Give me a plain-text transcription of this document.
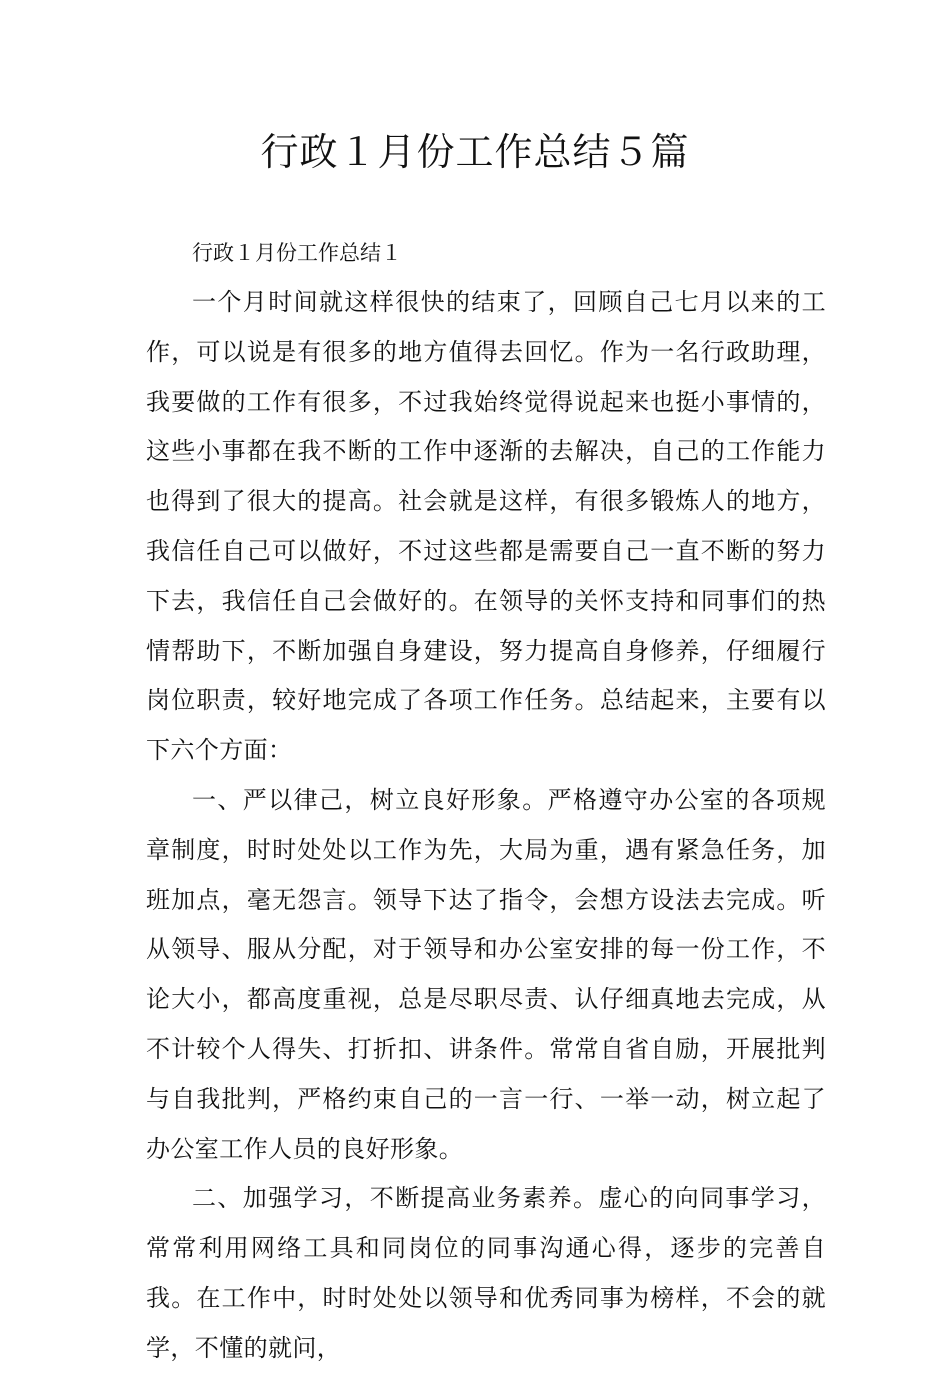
行政１月份工作总结５篇

行政１月份工作总结１

一个月时间就这样很快的结束了，回顾自己七月以来的工作，可以说是有很多的地方值得去回忆。作为一名行政助理，我要做的工作有很多，不过我始终觉得说起来也挺小事情的，这些小事都在我不断的工作中逐渐的去解决，自己的工作能力也得到了很大的提高。社会就是这样，有很多锻炼人的地方，我信任自己可以做好，不过这些都是需要自己一直不断的努力下去，我信任自己会做好的。在领导的关怀支持和同事们的热情帮助下，不断加强自身建设，努力提高自身修养，仔细履行岗位职责，较好地完成了各项工作任务。总结起来，主要有以下六个方面：

一、严以律己，树立良好形象。严格遵守办公室的各项规章制度，时时处处以工作为先，大局为重，遇有紧急任务，加班加点，毫无怨言。领导下达了指令，会想方设法去完成。听从领导、服从分配，对于领导和办公室安排的每一份工作，不论大小，都高度重视，总是尽职尽责、认仔细真地去完成，从不计较个人得失、打折扣、讲条件。常常自省自励，开展批判与自我批判，严格约束自己的一言一行、一举一动，树立起了办公室工作人员的良好形象。

二、加强学习，不断提高业务素养。虚心的向同事学习，常常利用网络工具和同岗位的同事沟通心得，逐步的完善自我。在工作中，时时处处以领导和优秀同事为榜样，不会的就学，不懂的就问，
